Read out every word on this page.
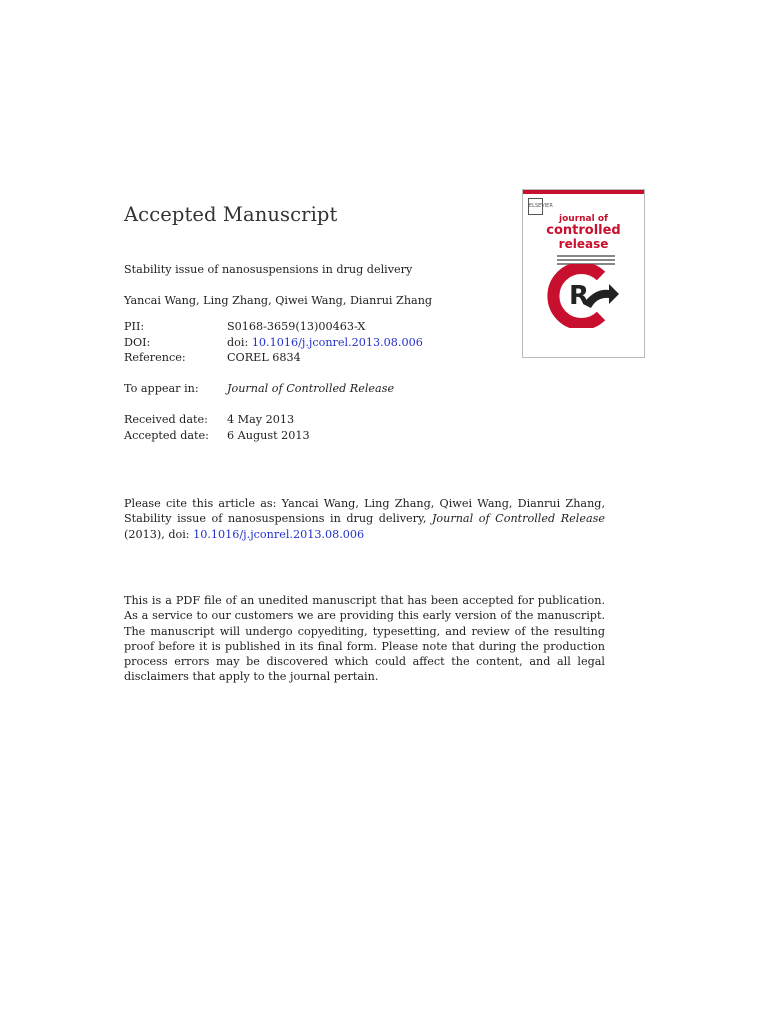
Accepted Manuscript
Stability issue of nanosuspensions in drug delivery
Yancai Wang, Ling Zhang, Qiwei Wang, Dianrui Zhang
PII:	S0168-3659(13)00463-X
DOI:	doi: 10.1016/j.jconrel.2013.08.006
Reference:	COREL 6834
To appear in:	Journal of Controlled Release
Received date: 4 May 2013
Accepted date: 6 August 2013
Please cite this article as: Yancai Wang, Ling Zhang, Qiwei Wang, Dianrui Zhang, Stability issue of nanosuspensions in drug delivery, Journal of Controlled Release (2013), doi: 10.1016/j.jconrel.2013.08.006
This is a PDF file of an unedited manuscript that has been accepted for publication. As a service to our customers we are providing this early version of the manuscript. The manuscript will undergo copyediting, typesetting, and review of the resulting proof before it is published in its final form. Please note that during the production process errors may be discovered which could affect the content, and all legal disclaimers that apply to the journal pertain.
ELSEVIER
journal of
controlled
release
R
